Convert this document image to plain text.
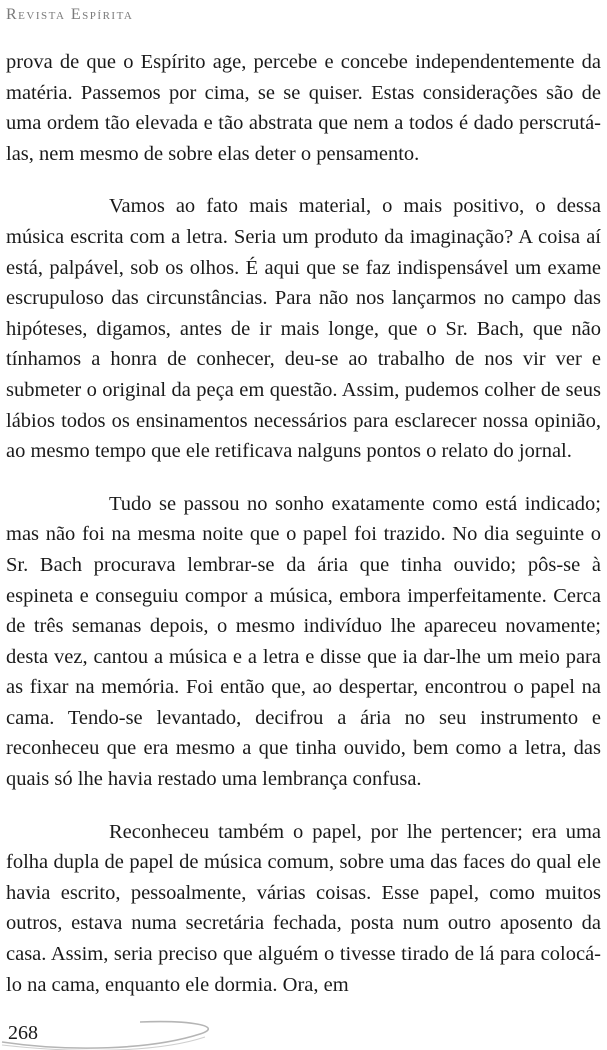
Revista Espírita

prova de que o Espírito age, percebe e concebe independentemente da matéria. Passemos por cima, se se quiser. Estas considerações são de uma ordem tão elevada e tão abstrata que nem a todos é dado perscrutá-las, nem mesmo de sobre elas deter o pensamento.

Vamos ao fato mais material, o mais positivo, o dessa música escrita com a letra. Seria um produto da imaginação? A coisa aí está, palpável, sob os olhos. É aqui que se faz indispensável um exame escrupuloso das circunstâncias. Para não nos lançarmos no campo das hipóteses, digamos, antes de ir mais longe, que o Sr. Bach, que não tínhamos a honra de conhecer, deu-se ao trabalho de nos vir ver e submeter o original da peça em questão. Assim, pudemos colher de seus lábios todos os ensinamentos necessários para esclarecer nossa opinião, ao mesmo tempo que ele retificava nalguns pontos o relato do jornal.

Tudo se passou no sonho exatamente como está indicado; mas não foi na mesma noite que o papel foi trazido. No dia seguinte o Sr. Bach procurava lembrar-se da ária que tinha ouvido; pôs-se à espineta e conseguiu compor a música, embora imperfeitamente. Cerca de três semanas depois, o mesmo indivíduo lhe apareceu novamente; desta vez, cantou a música e a letra e disse que ia dar-lhe um meio para as fixar na memória. Foi então que, ao despertar, encontrou o papel na cama. Tendo-se levantado, decifrou a ária no seu instrumento e reconheceu que era mesmo a que tinha ouvido, bem como a letra, das quais só lhe havia restado uma lembrança confusa.

Reconheceu também o papel, por lhe pertencer; era uma folha dupla de papel de música comum, sobre uma das faces do qual ele havia escrito, pessoalmente, várias coisas. Esse papel, como muitos outros, estava numa secretária fechada, posta num outro aposento da casa. Assim, seria preciso que alguém o tivesse tirado de lá para colocá-lo na cama, enquanto ele dormia. Ora, em

268
